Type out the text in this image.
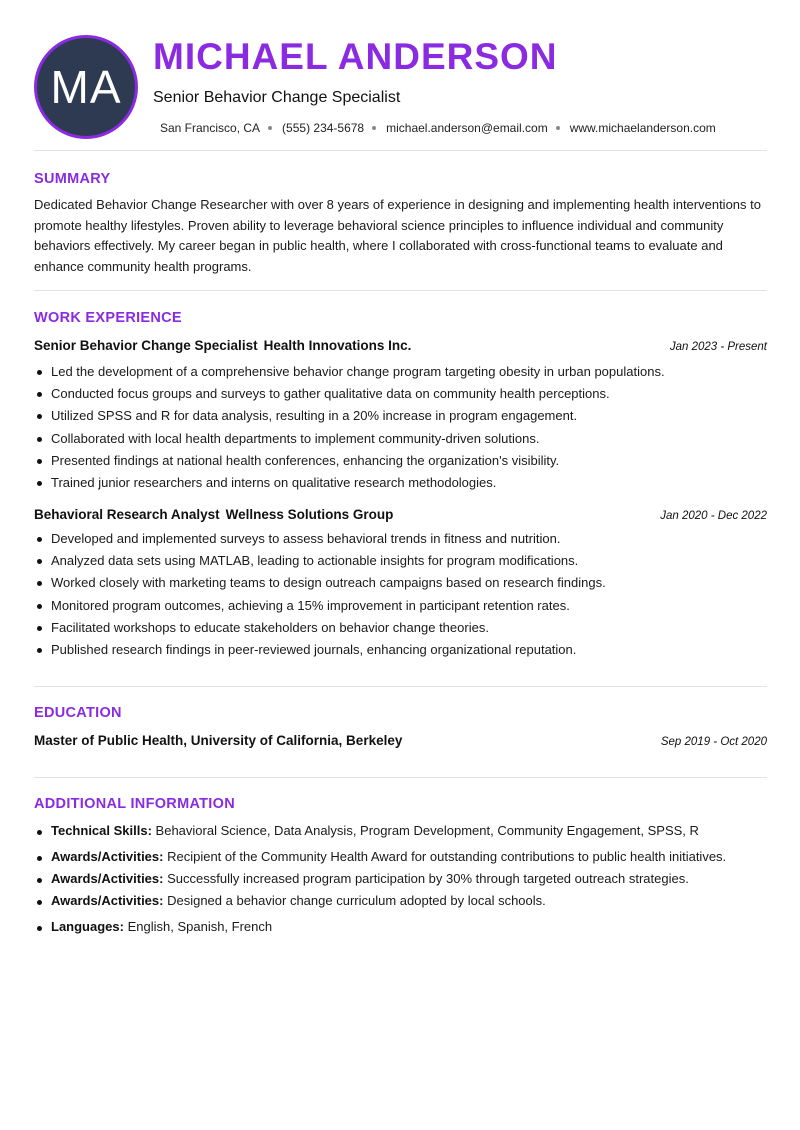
MA
MICHAEL ANDERSON
Senior Behavior Change Specialist
San Francisco, CA (555) 234-5678 michael.anderson@email.com www.michaelanderson.com
SUMMARY
Dedicated Behavior Change Researcher with over 8 years of experience in designing and implementing health interventions to promote healthy lifestyles. Proven ability to leverage behavioral science principles to influence individual and community behaviors effectively. My career began in public health, where I collaborated with cross-functional teams to evaluate and enhance community health programs.
WORK EXPERIENCE
Senior Behavior Change Specialist Health Innovations Inc.	Jan 2023 - Present
Led the development of a comprehensive behavior change program targeting obesity in urban populations.
Conducted focus groups and surveys to gather qualitative data on community health perceptions.
Utilized SPSS and R for data analysis, resulting in a 20% increase in program engagement.
Collaborated with local health departments to implement community-driven solutions.
Presented findings at national health conferences, enhancing the organization's visibility.
Trained junior researchers and interns on qualitative research methodologies.
Behavioral Research Analyst Wellness Solutions Group	Jan 2020 - Dec 2022
Developed and implemented surveys to assess behavioral trends in fitness and nutrition.
Analyzed data sets using MATLAB, leading to actionable insights for program modifications.
Worked closely with marketing teams to design outreach campaigns based on research findings.
Monitored program outcomes, achieving a 15% improvement in participant retention rates.
Facilitated workshops to educate stakeholders on behavior change theories.
Published research findings in peer-reviewed journals, enhancing organizational reputation.
EDUCATION
Master of Public Health, University of California, Berkeley	Sep 2019 - Oct 2020
ADDITIONAL INFORMATION
Technical Skills: Behavioral Science, Data Analysis, Program Development, Community Engagement, SPSS, R
Awards/Activities: Recipient of the Community Health Award for outstanding contributions to public health initiatives.
Awards/Activities: Successfully increased program participation by 30% through targeted outreach strategies.
Awards/Activities: Designed a behavior change curriculum adopted by local schools.
Languages: English, Spanish, French
